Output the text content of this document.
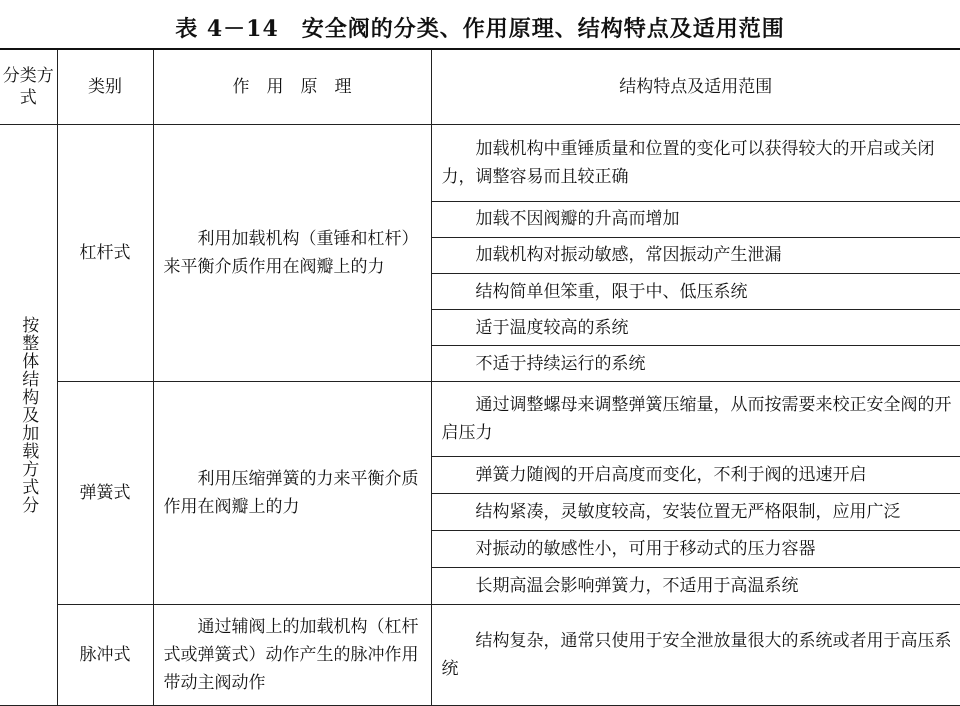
表 4－14　安全阀的分类、作用原理、结构特点及适用范围
分类方式	类别	作　用　原　理	结构特点及适用范围

按整体结构及加载方式分	杠杆式	利用加载机构（重锤和杠杆）来平衡介质作用在阀瓣上的力	加载机构中重锤质量和位置的变化可以获得较大的开启或关闭力，调整容易而且较正确
			加载不因阀瓣的升高而增加
			加载机构对振动敏感，常因振动产生泄漏
			结构简单但笨重，限于中、低压系统
			适于温度较高的系统
			不适于持续运行的系统
	弹簧式	利用压缩弹簧的力来平衡介质作用在阀瓣上的力	通过调整螺母来调整弹簧压缩量，从而按需要来校正安全阀的开启压力
			弹簧力随阀的开启高度而变化，不利于阀的迅速开启
			结构紧凑，灵敏度较高，安装位置无严格限制，应用广泛
			对振动的敏感性小，可用于移动式的压力容器
			长期高温会影响弹簧力，不适用于高温系统
	脉冲式	通过辅阀上的加载机构（杠杆式或弹簧式）动作产生的脉冲作用带动主阀动作	结构复杂，通常只使用于安全泄放量很大的系统或者用于高压系统
